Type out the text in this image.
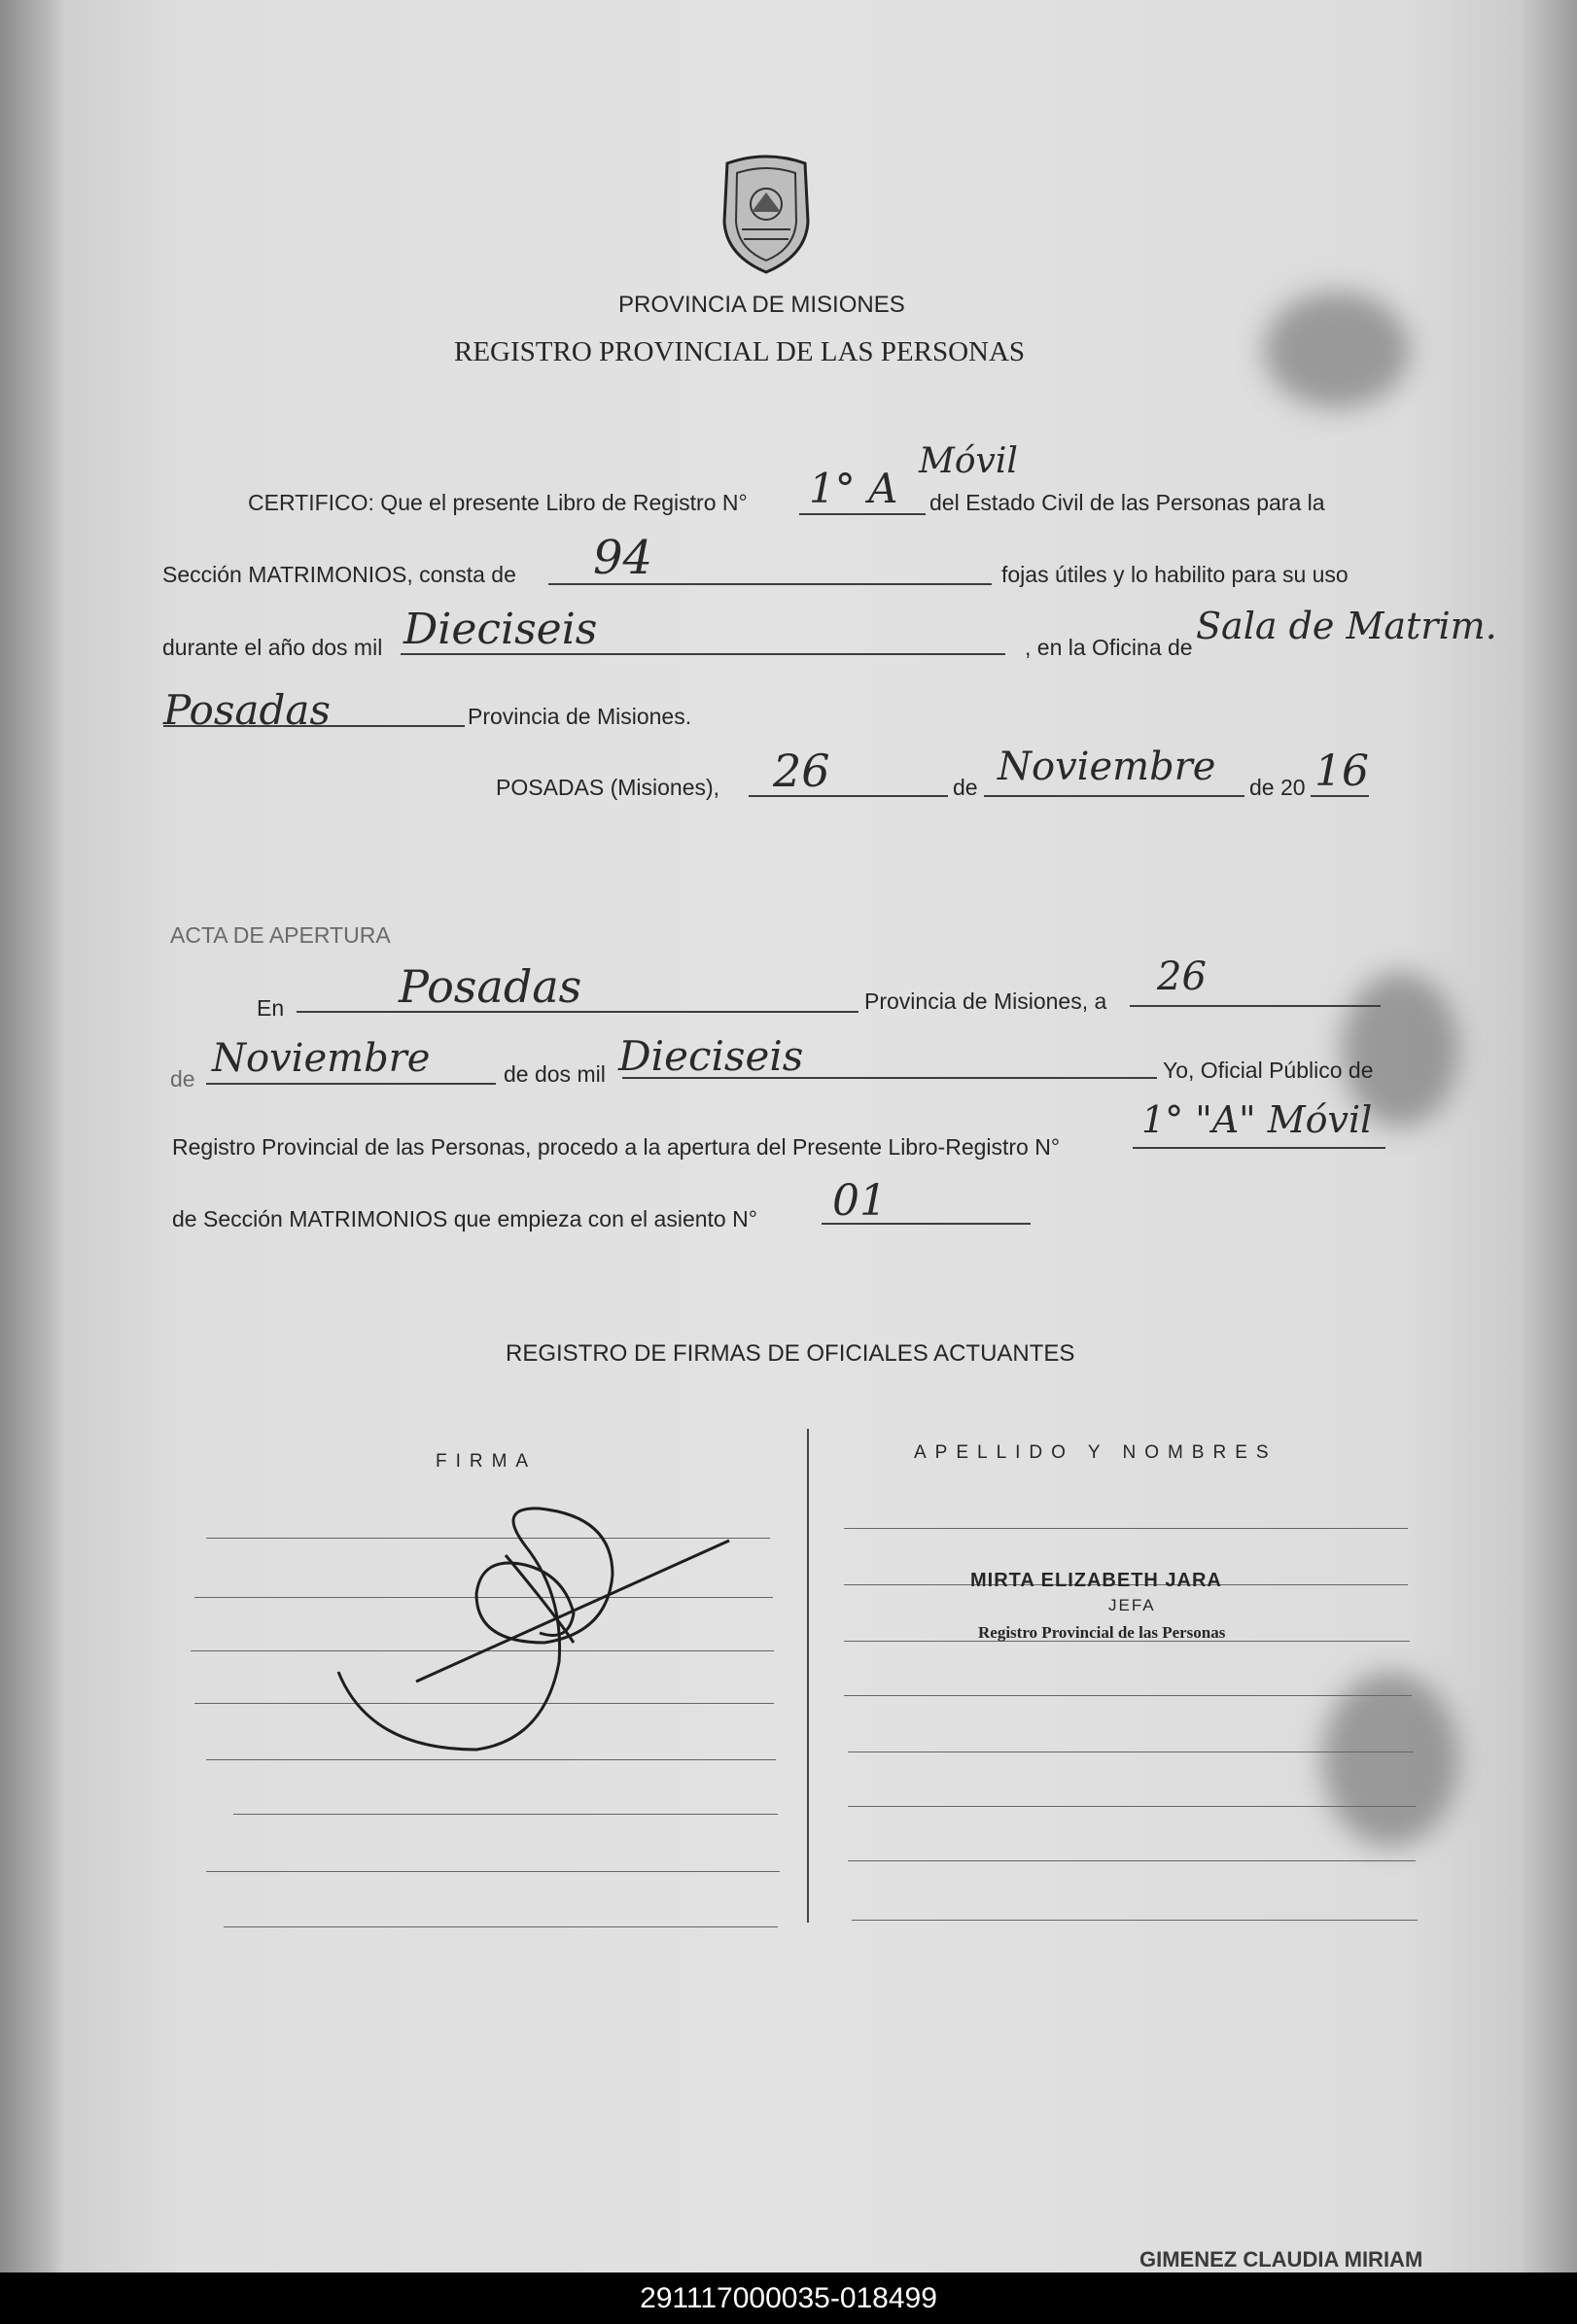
PROVINCIA DE MISIONES
REGISTRO PROVINCIAL DE LAS PERSONAS
CERTIFICO: Que el presente Libro de Registro N° 1° A
Móvil
del Estado Civil de las Personas para la
Sección MATRIMONIOS, consta de 94	fojas útiles y lo habilito para su uso
durante el año dos mil Dieciseis	, en la Oficina de Sala de Matrim.
Posadas	Provincia de Misiones.
POSADAS (Misiones), 26	de Noviembre de 20 16
ACTA DE APERTURA
En	Posadas	Provincia de Misiones, a
26
de Noviembre	de dos mil Dieciseis	Yo, Oficial Público de
Registro Provincial de las Personas, procedo a la apertura del Presente Libro-Registro N°
1° "A" Móvil
de Sección MATRIMONIOS que empieza con el asiento N° 01
REGISTRO DE FIRMAS DE OFICIALES ACTUANTES
FIRMA	APELLIDO Y NOMBRES
MIRTA ELIZABETH JARA
JEFA
Registro Provincial de las Personas
GIMENEZ CLAUDIA MIRIAM
291117000035-018499
